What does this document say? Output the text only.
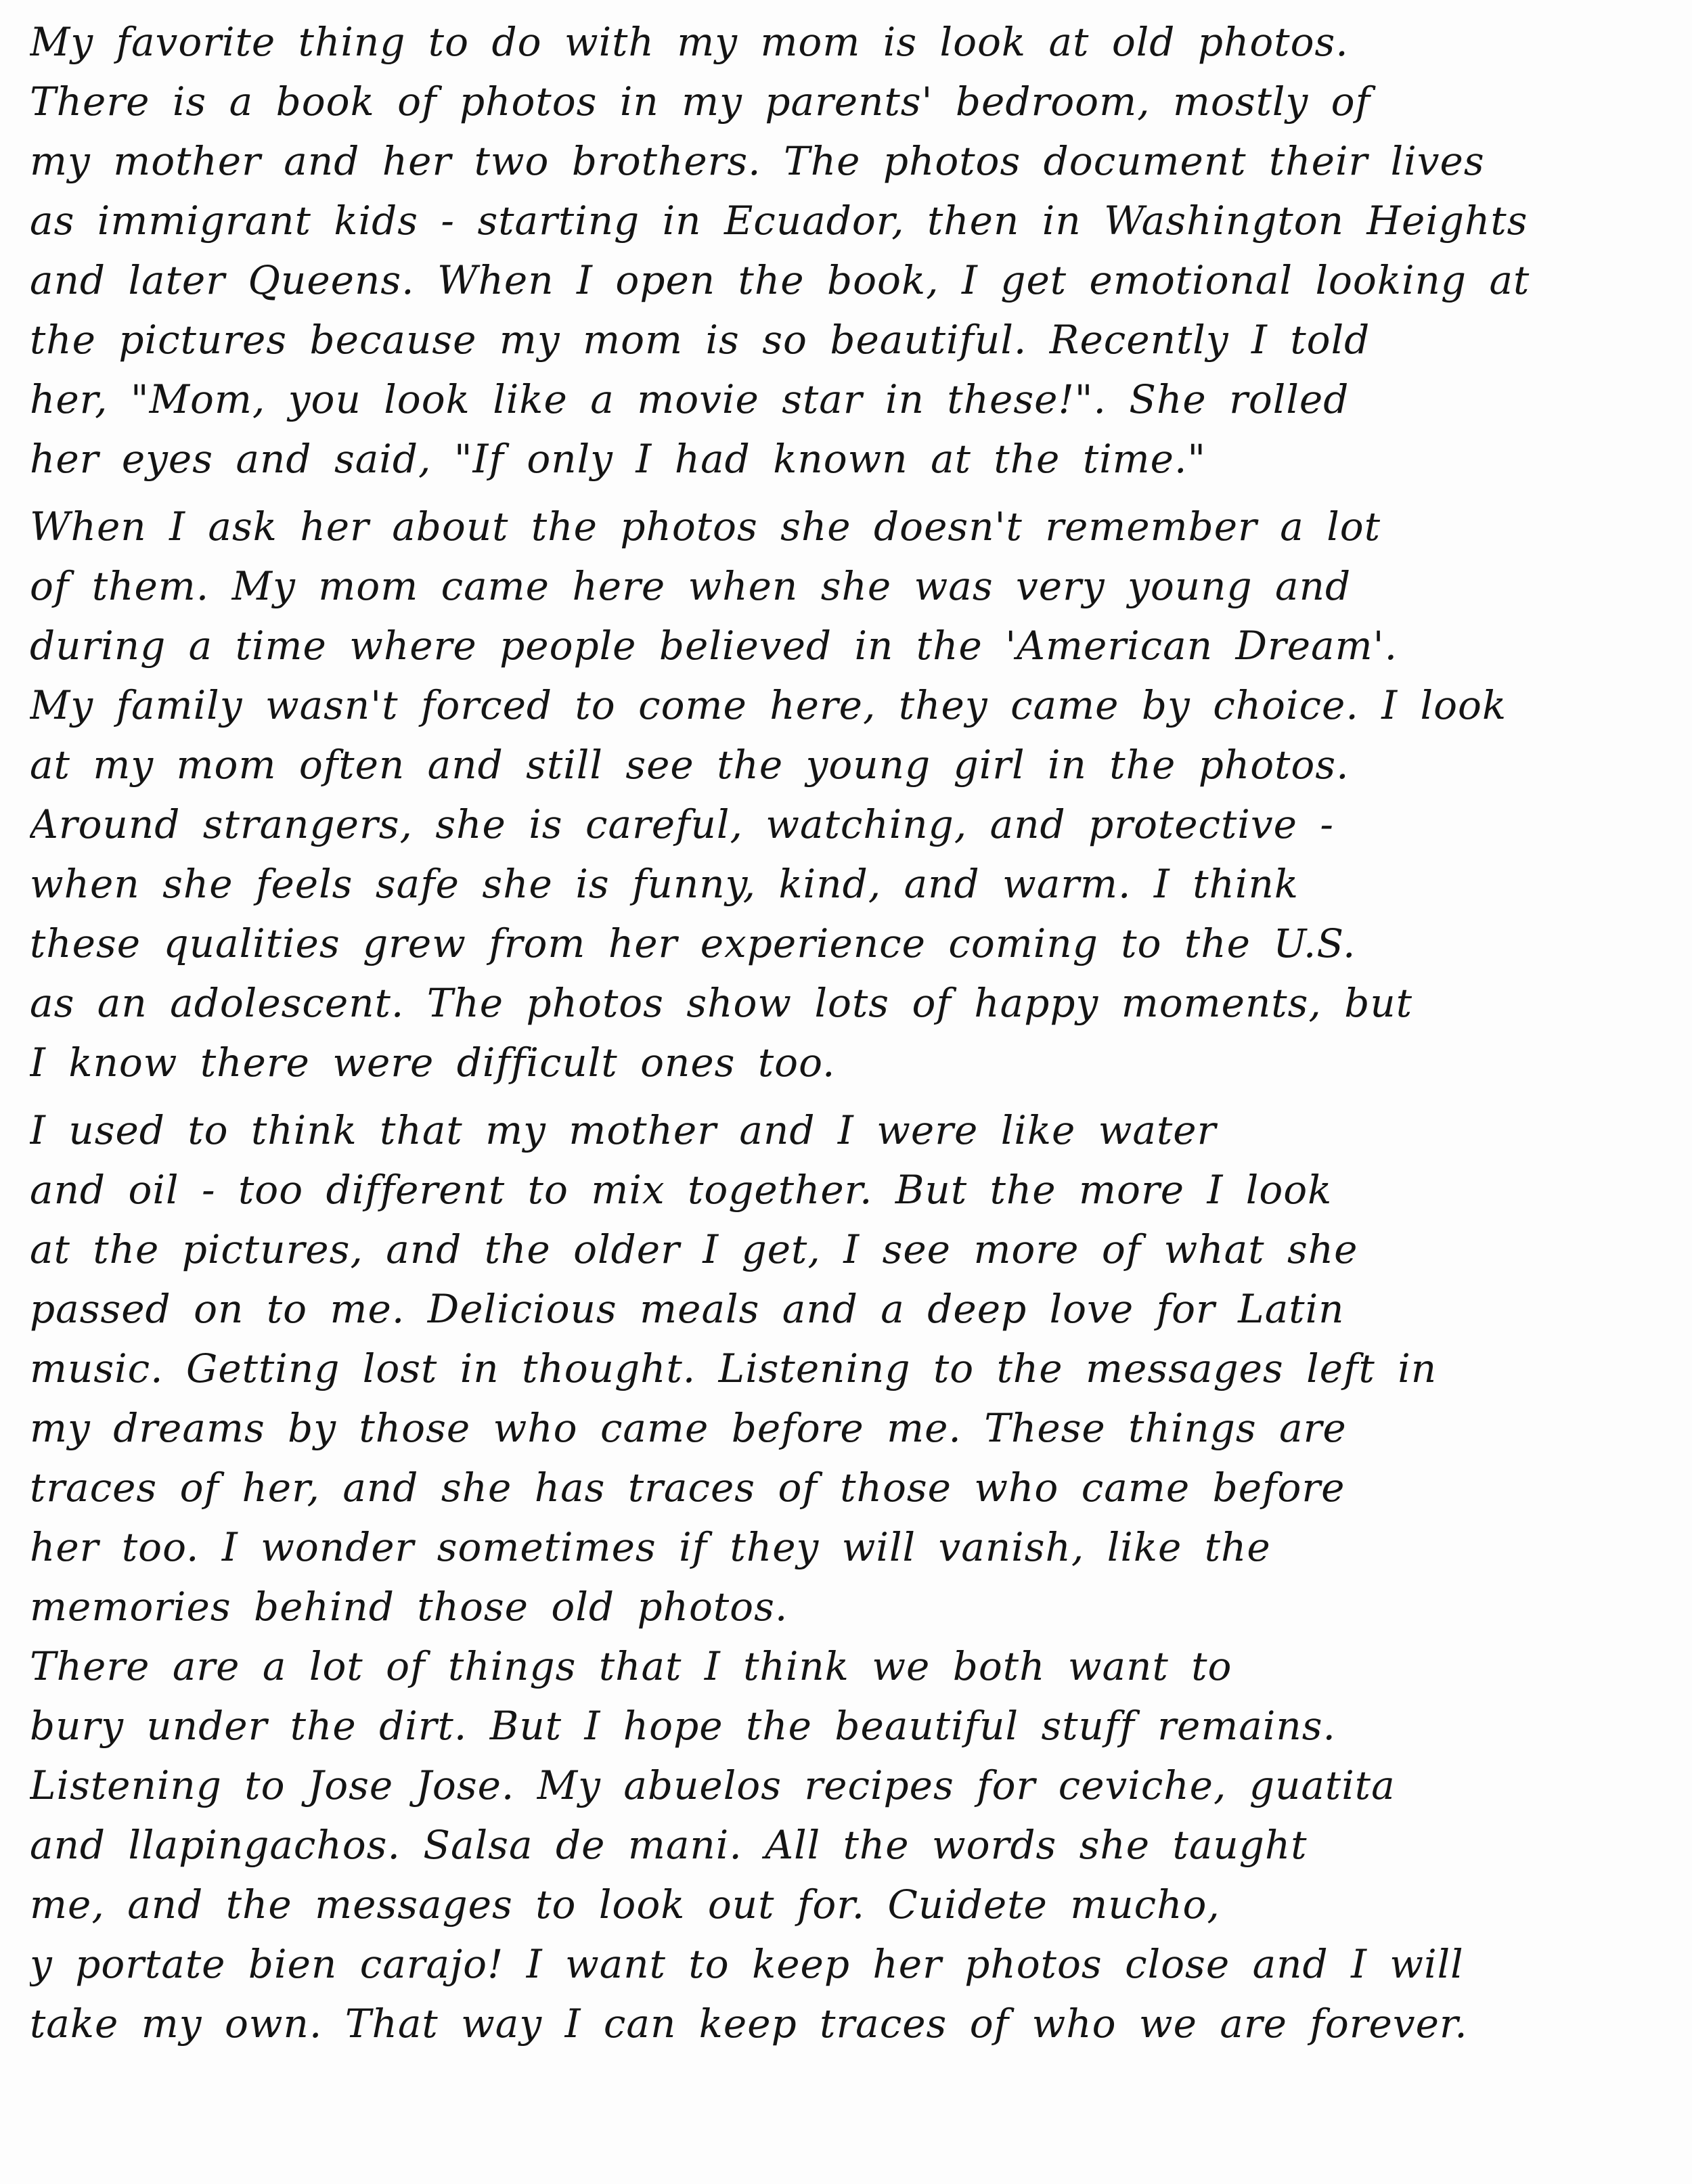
My favorite thing to do with my mom is look at old photos.
There is a book of photos in my parents' bedroom, mostly of
my mother and her two brothers. The photos document their lives
as immigrant kids - starting in Ecuador, then in Washington Heights
and later Queens. When I open the book, I get emotional looking at
the pictures because my mom is so beautiful. Recently I told
her, "Mom, you look like a movie star in these!". She rolled
her eyes and said, "If only I had known at the time."
When I ask her about the photos she doesn't remember a lot
of them. My mom came here when she was very young and
during a time where people believed in the 'American Dream'.
My family wasn't forced to come here, they came by choice. I look
at my mom often and still see the young girl in the photos.
Around strangers, she is careful, watching, and protective -
when she feels safe she is funny, kind, and warm. I think
these qualities grew from her experience coming to the U.S.
as an adolescent. The photos show lots of happy moments, but
I know there were difficult ones too.
I used to think that my mother and I were like water
and oil - too different to mix together. But the more I look
at the pictures, and the older I get, I see more of what she
passed on to me. Delicious meals and a deep love for Latin
music. Getting lost in thought. Listening to the messages left in
my dreams by those who came before me. These things are
traces of her, and she has traces of those who came before
her too. I wonder sometimes if they will vanish, like the
memories behind those old photos.
There are a lot of things that I think we both want to
bury under the dirt. But I hope the beautiful stuff remains.
Listening to Jose Jose. My abuelos recipes for ceviche, guatita
and llapingachos. Salsa de mani. All the words she taught
me, and the messages to look out for. Cuidete mucho,
y portate bien carajo! I want to keep her photos close and I will
take my own. That way I can keep traces of who we are forever.
